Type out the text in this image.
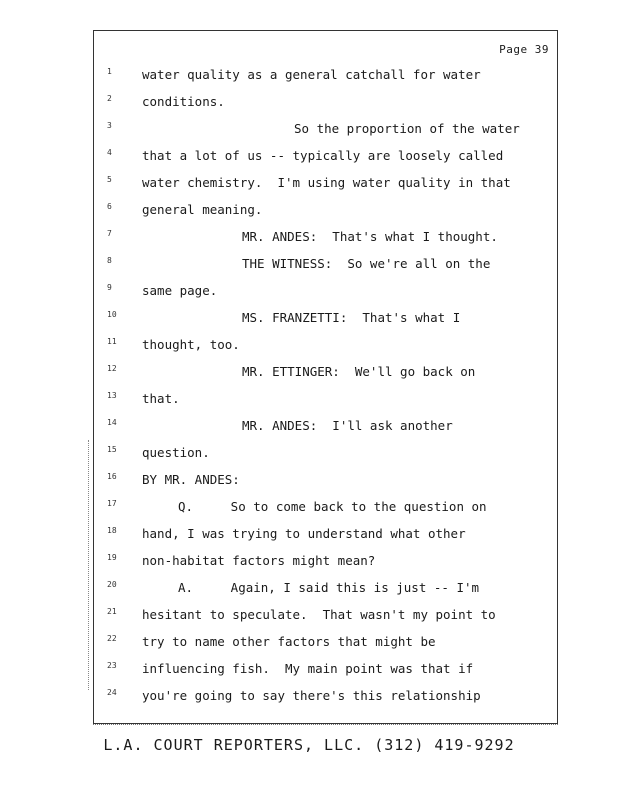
Page 39
1	water quality as a general catchall for water
2	conditions.
3	So the proportion of the water
4	that a lot of us -- typically are loosely called
5	water chemistry.  I'm using water quality in that
6	general meaning.
7	MR. ANDES:  That's what I thought.
8	THE WITNESS:  So we're all on the
9	same page.
10	MS. FRANZETTI:  That's what I
11	thought, too.
12	MR. ETTINGER:  We'll go back on
13	that.
14	MR. ANDES:  I'll ask another
15	question.
16	BY MR. ANDES:
17	Q.     So to come back to the question on
18	hand, I was trying to understand what other
19	non-habitat factors might mean?
20	A.     Again, I said this is just -- I'm
21	hesitant to speculate.  That wasn't my point to
22	try to name other factors that might be
23	influencing fish.  My main point was that if
24	you're going to say there's this relationship
L.A. COURT REPORTERS, LLC. (312) 419-9292
